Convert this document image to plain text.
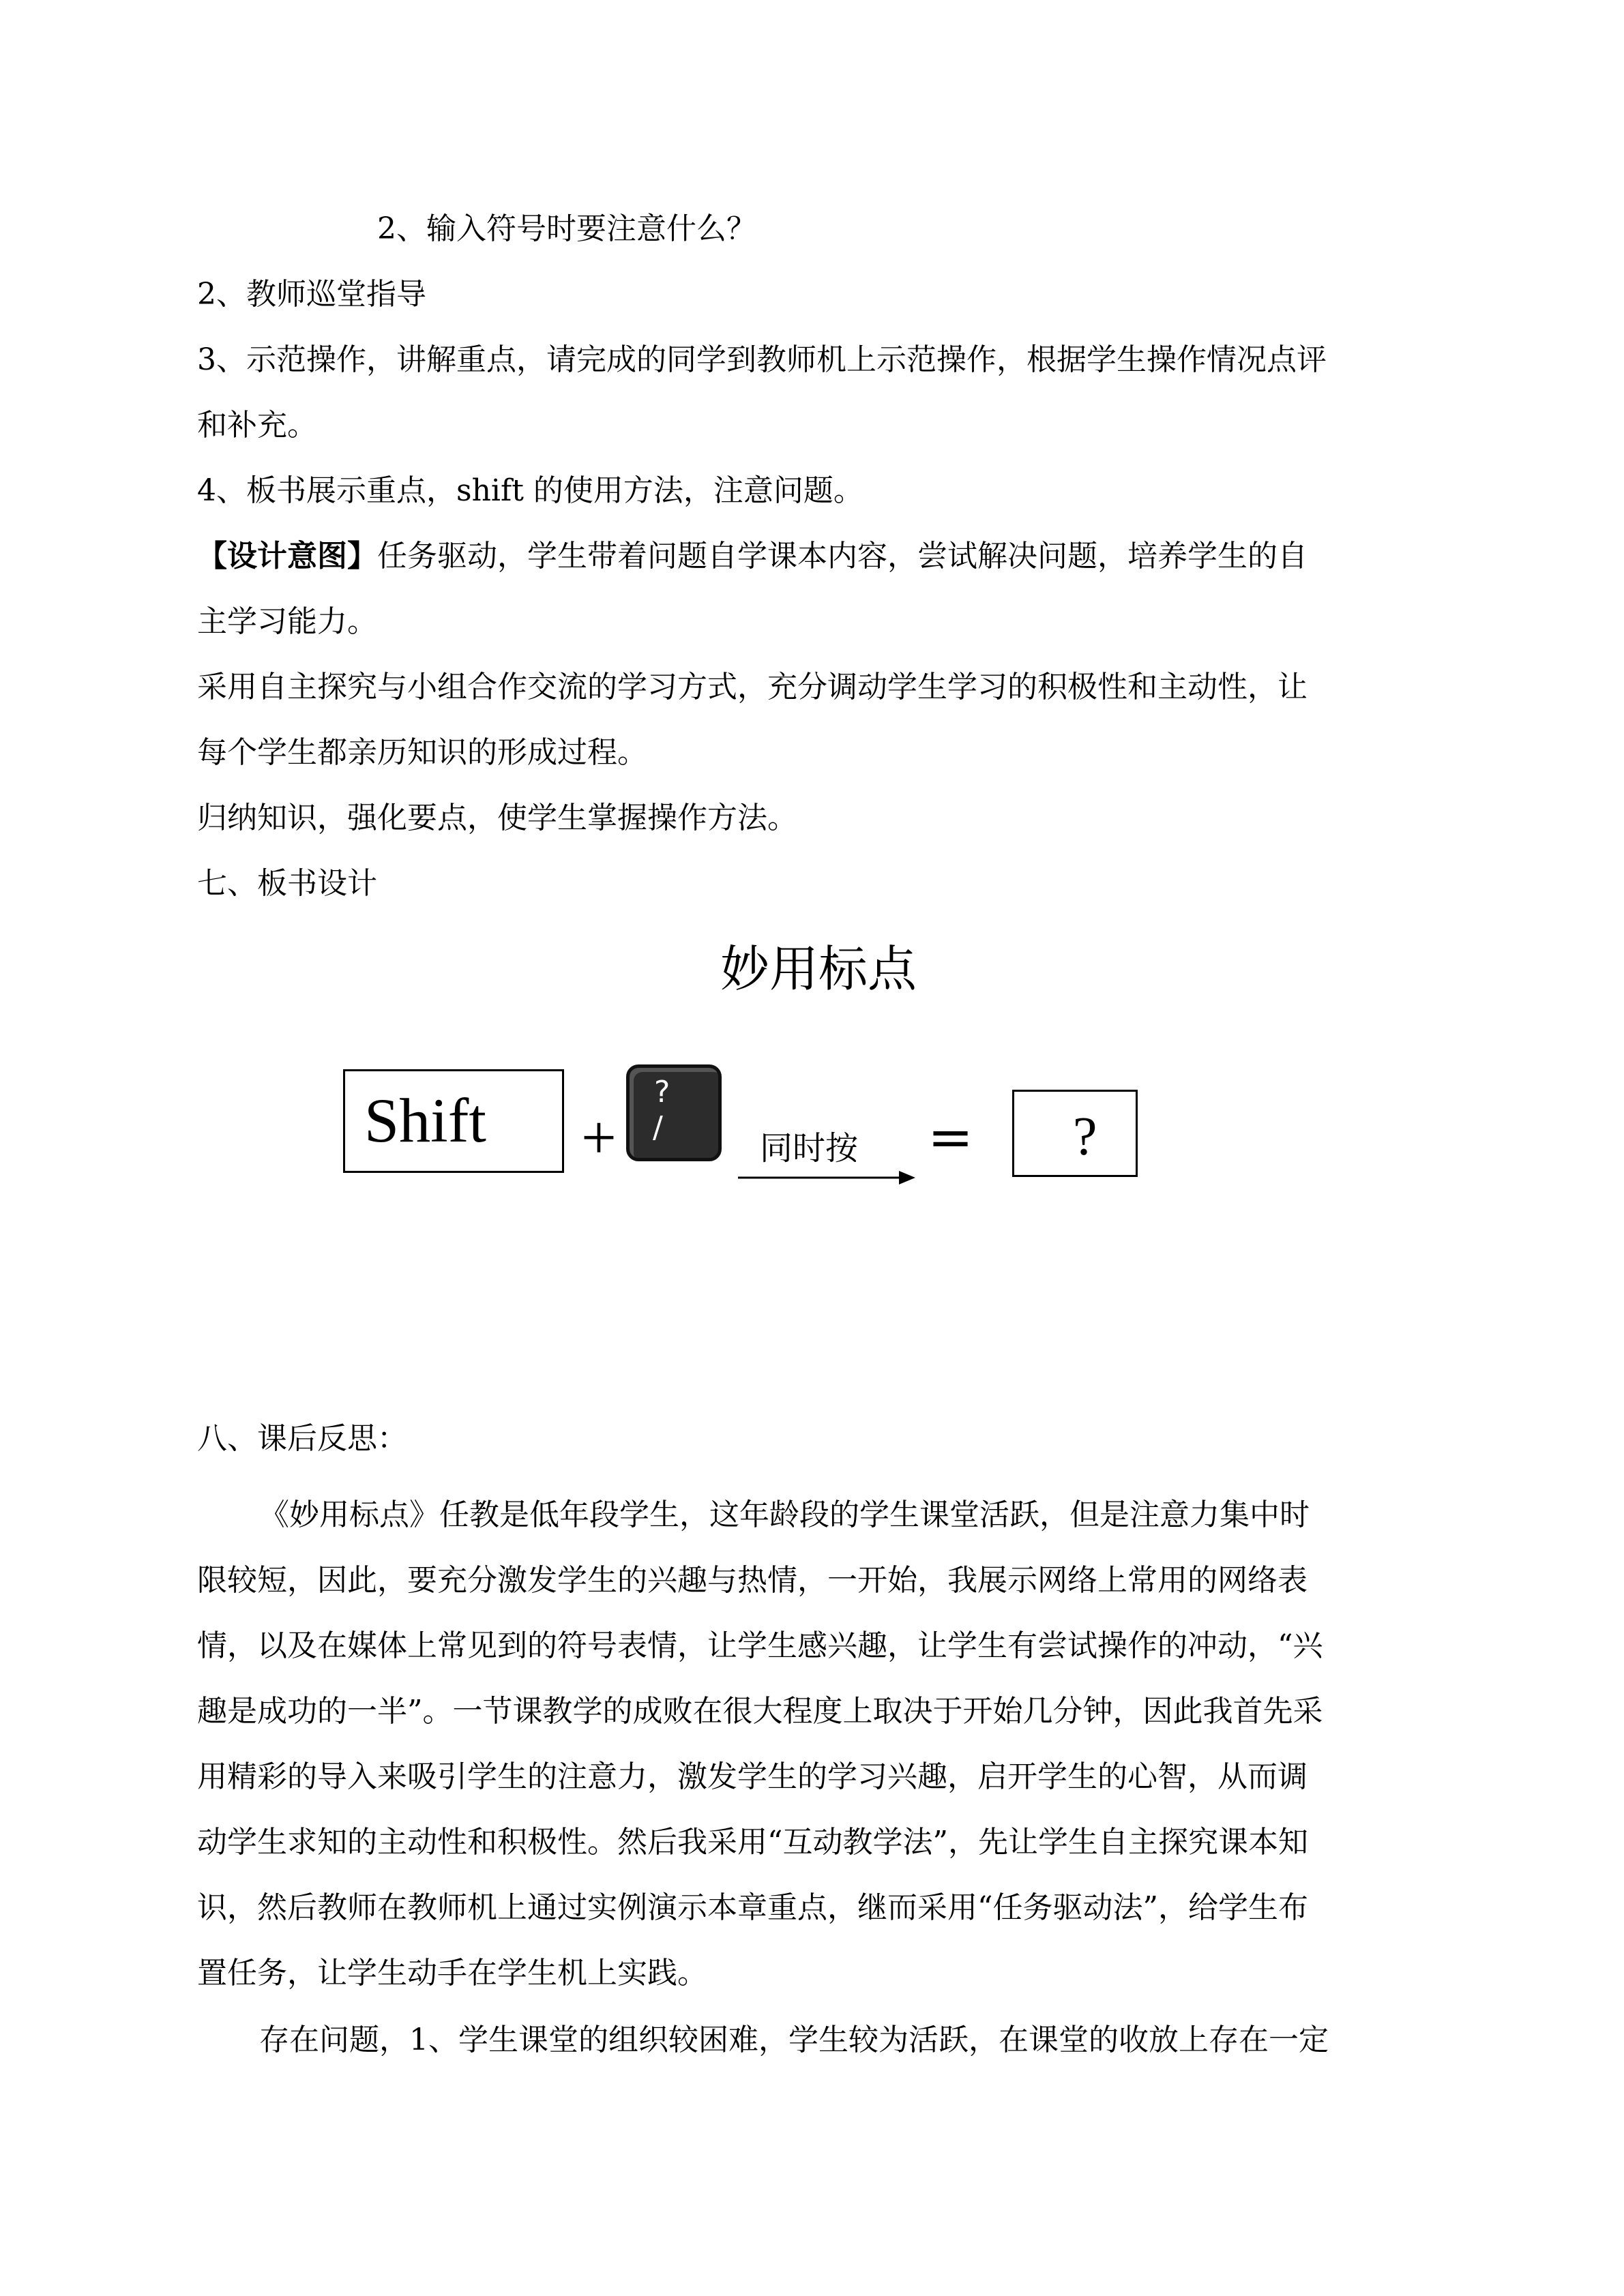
2、输入符号时要注意什么？
2、教师巡堂指导
3、示范操作，讲解重点，请完成的同学到教师机上示范操作，根据学生操作情况点评
和补充。
4、板书展示重点，shift 的使用方法，注意问题。
【设计意图】任务驱动，学生带着问题自学课本内容，尝试解决问题，培养学生的自
主学习能力。
采用自主探究与小组合作交流的学习方式，充分调动学生学习的积极性和主动性，让
每个学生都亲历知识的形成过程。
归纳知识，强化要点，使学生掌握操作方法。
七、板书设计
妙用标点
Shift +
?
/
同时按 = ?
八、课后反思：
《妙用标点》任教是低年段学生，这年龄段的学生课堂活跃，但是注意力集中时
限较短，因此，要充分激发学生的兴趣与热情，一开始，我展示网络上常用的网络表
情，以及在媒体上常见到的符号表情，让学生感兴趣，让学生有尝试操作的冲动，“兴
趣是成功的一半”。一节课教学的成败在很大程度上取决于开始几分钟，因此我首先采
用精彩的导入来吸引学生的注意力，激发学生的学习兴趣，启开学生的心智，从而调
动学生求知的主动性和积极性。然后我采用“互动教学法”，先让学生自主探究课本知
识，然后教师在教师机上通过实例演示本章重点，继而采用“任务驱动法”，给学生布
置任务，让学生动手在学生机上实践。
存在问题，1、学生课堂的组织较困难，学生较为活跃，在课堂的收放上存在一定
